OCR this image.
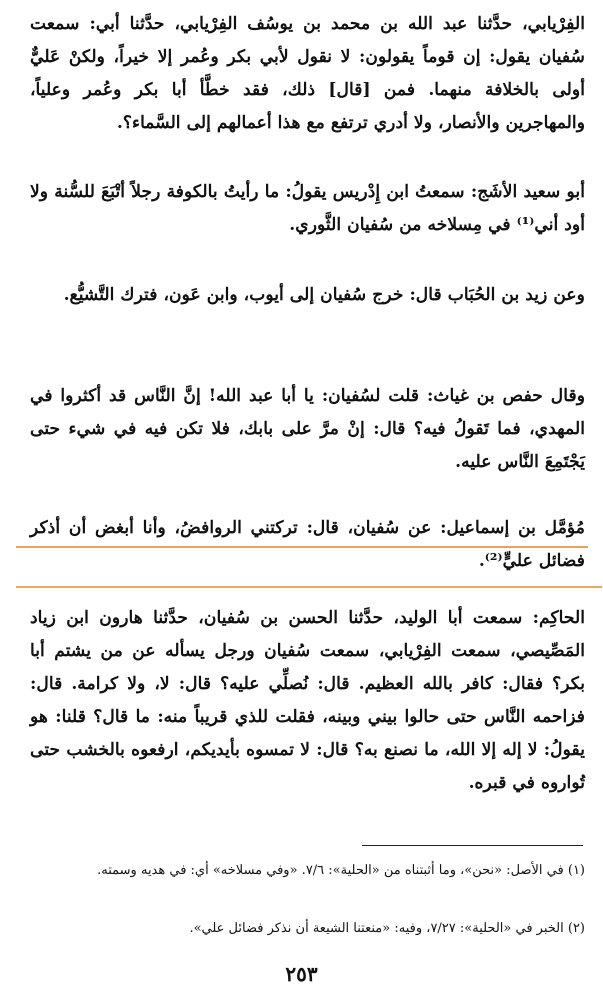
الفِرْيابي، حدَّثنا عبد الله بن محمد بن يوسُف الفِرْيابي، حدَّثنا أبي: سمعت سُفيان يقول: إن قوماً يقولون: لا نقول لأبي بكر وعُمر إلا خيراً، ولكنْ عَليٌّ أولى بالخلافة منهما. فمن [قال] ذلك، فقد خطَّأ أبا بكر وعُمر وعلياً، والمهاجرين والأنصار، ولا أدري ترتفع مع هذا أعمالهم إلى السَّماء؟.

أبو سعيد الأشَج: سمعتُ ابن إِدْريس يقولُ: ما رأيتُ بالكوفة رجلاً أتْبَعَ للسُّنة ولا أود أني⁽¹⁾ في مِسلاخه من سُفيان الثَّوري.

وعن زيد بن الحُبَاب قال: خرج سُفيان إلى أيوب، وابن عَون، فترك التَّشيُّع.

وقال حفص بن غياث: قلت لسُفيان: يا أبا عبد الله! إنَّ النَّاس قد أكثروا في المهدي، فما تَقولُ فيه؟ قال: إنْ مرَّ على بابك، فلا تكن فيه في شيء حتى يَجْتَمِعَ النَّاس عليه.

مُؤمَّل بن إسماعيل: عن سُفيان، قال: تركتني الروافضُ، وأنا أبغض أن أذكر فضائل عليٍّ⁽²⁾.

الحاكِم: سمعت أبا الوليد، حدَّثنا الحسن بن سُفيان، حدَّثنا هارون ابن زياد المَصِّيصي، سمعت الفِرْيابي، سمعت سُفيان ورجل يسأله عن من يشتم أبا بكر؟ فقال: كافر بالله العظيم. قال: نُصلِّي عليه؟ قال: لا، ولا كرامة. قال: فزاحمه النَّاس حتى حالوا بيني وبينه، فقلت للذي قريباً منه: ما قال؟ قلنا: هو يقولُ: لا إله إلا الله، ما نصنع به؟ قال: لا تمسوه بأيديكم، ارفعوه بالخشب حتى تُواروه في قبره.

(١) في الأصل: «نحن»، وما أثبتناه من «الحلية»: ٧/٦. «وفي مسلاخه» أي: في هديه وسمته.

(٢) الخبر في «الحلية»: ٧/٢٧، وفيه: «منعتنا الشيعة أن نذكر فضائل علي».

٢٥٣
